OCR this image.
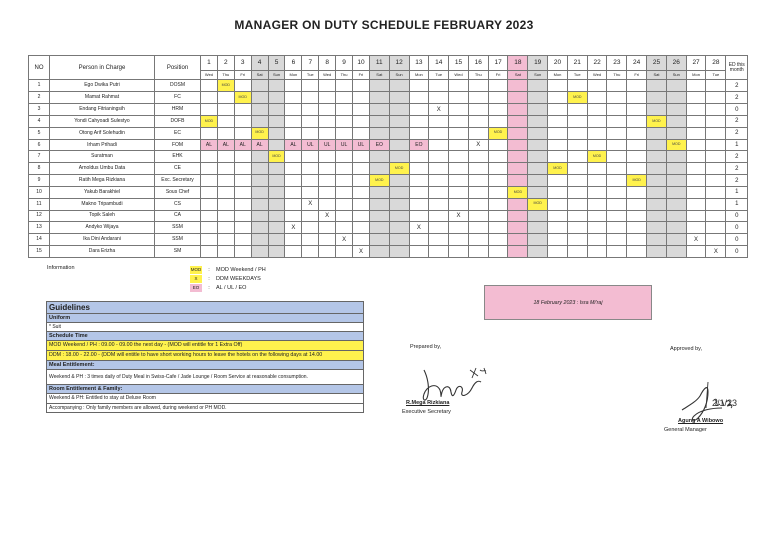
MANAGER ON DUTY SCHEDULE FEBRUARY 2023
NO	Person in Charge	Position	1	2	3	4	5	6	7	8	9	10	11	12	13	14	15	16	17	18	19	20	21	22	23	24	25	26	27	28	ED this month
			Wed	Thu	Fri	Sat	Sun	Mon	Tue	Wed	Thu	Fri	Sat	Sun	Mon	Tue	Wed	Thu	Fri	Sat	Sun	Mon	Tue	Wed	Thu	Fri	Sat	Sun	Mon	Tue	
1	Ego Dwika Putri	DOSM		MOD																											2
2	Mamat Rahmat	FC			MOD																		MOD								2
3	Endang Fitrianingsih	HRM														X															0
4	Yondi Cahyoadi Sulestyo	DOFB	MOD																								MOD				2
5	Otong Arif Solehudin	EC				MOD													MOD												2
6	Irham Prihadi	FOM	AL	AL	AL	AL		AL	UL	UL	UL	UL	EO		EO			X										MOD			1
7	Suratman	EHK					MOD																	MOD							2
8	Arnoldus Umbu Data	CE												MOD								MOD									2
9	Ratih Mega Rizkiana	Exc. Secretary											MOD													MOD					2
10	Yakub Barakhiel	Sous Chef																		MOD											1
11	Makno Tripambudi	CS							X												MOD										1
12	Topik Saleh	CA								X							X														0
13	Andyko Wijaya	SSM						X							X																0
14	Ika Dini Andarani	SSM									X																		X		0
15	Dara Erizha	SM										X																		X	0
Information	MOD	:	MOD Weekend / PH
X	:	DDM WEEKDAYS
EO	:	AL / UL / EO
Guidelines
Uniform
* Suit
Schedule Time
MOD Weekend / PH : 09.00 - 09.00 the next day - (MOD will entitle for 1 Extra Off)
DDM : 18.00 - 22.00 - (DDM will entitle to have short working hours to leave the hotels on the following days at 14.00
Meal Entitlement:
Weekend & PH : 3 times daily of Duty Meal in Swiss-Cafe / Jade Lounge / Room Service at reasonable consumption.
Room Entitlement & Family:
Weekend & PH: Entitled to stay at Deluxe Room
Accompanying : Only family members are allowed, during weekend or PH MOD.
18 February 2023 : Isra Mi'raj
Prepared by,	Approved by,
2/1/23
R.Mega Rizkiana
Executive Secretary
Agung A Wibowo
General Manager
